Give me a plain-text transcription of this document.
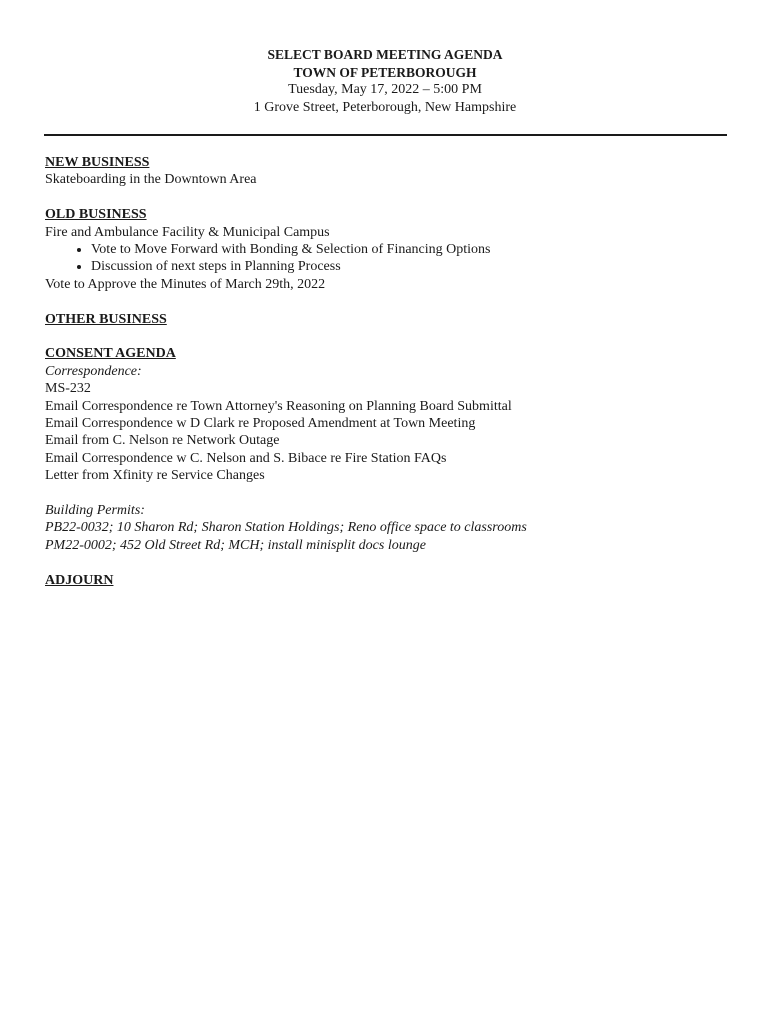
SELECT BOARD MEETING AGENDA
TOWN OF PETERBOROUGH
Tuesday, May 17, 2022 – 5:00 PM
1 Grove Street, Peterborough, New Hampshire
NEW BUSINESS
Skateboarding in the Downtown Area
OLD BUSINESS
Fire and Ambulance Facility & Municipal Campus
• Vote to Move Forward with Bonding & Selection of Financing Options
• Discussion of next steps in Planning Process
Vote to Approve the Minutes of March 29th, 2022
OTHER BUSINESS
CONSENT AGENDA
Correspondence:
MS-232
Email Correspondence re Town Attorney's Reasoning on Planning Board Submittal
Email Correspondence w D Clark re Proposed Amendment at Town Meeting
Email from C. Nelson re Network Outage
Email Correspondence w C. Nelson and S. Bibace re Fire Station FAQs
Letter from Xfinity re Service Changes
Building Permits:
PB22-0032; 10 Sharon Rd; Sharon Station Holdings; Reno office space to classrooms
PM22-0002; 452 Old Street Rd; MCH; install minisplit docs lounge
ADJOURN
